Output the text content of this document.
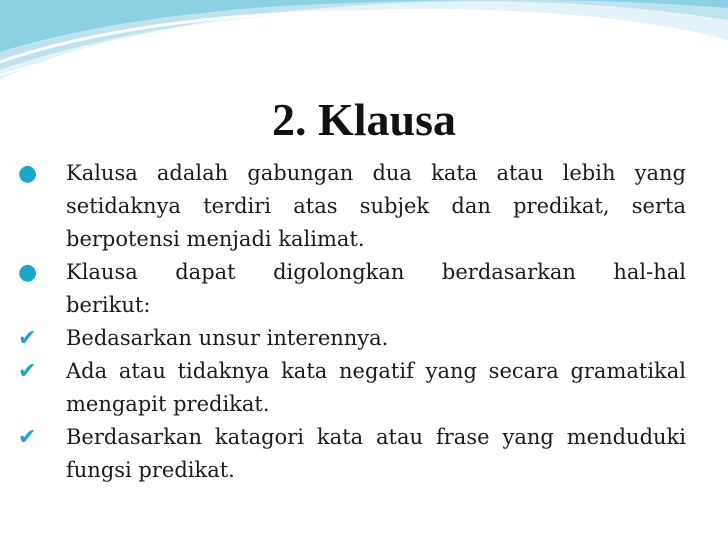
2. Klausa
●	Kalusa adalah gabungan dua kata atau lebih yang
setidaknya terdiri atas subjek dan predikat, serta
berpotensi menjadi kalimat.
●	Klausa dapat digolongkan berdasarkan hal-hal
berikut:
✔	Bedasarkan unsur interennya.
✔	Ada atau tidaknya kata negatif yang secara gramatikal
mengapit predikat.
✔	Berdasarkan katagori kata atau frase yang menduduki
fungsi predikat.
